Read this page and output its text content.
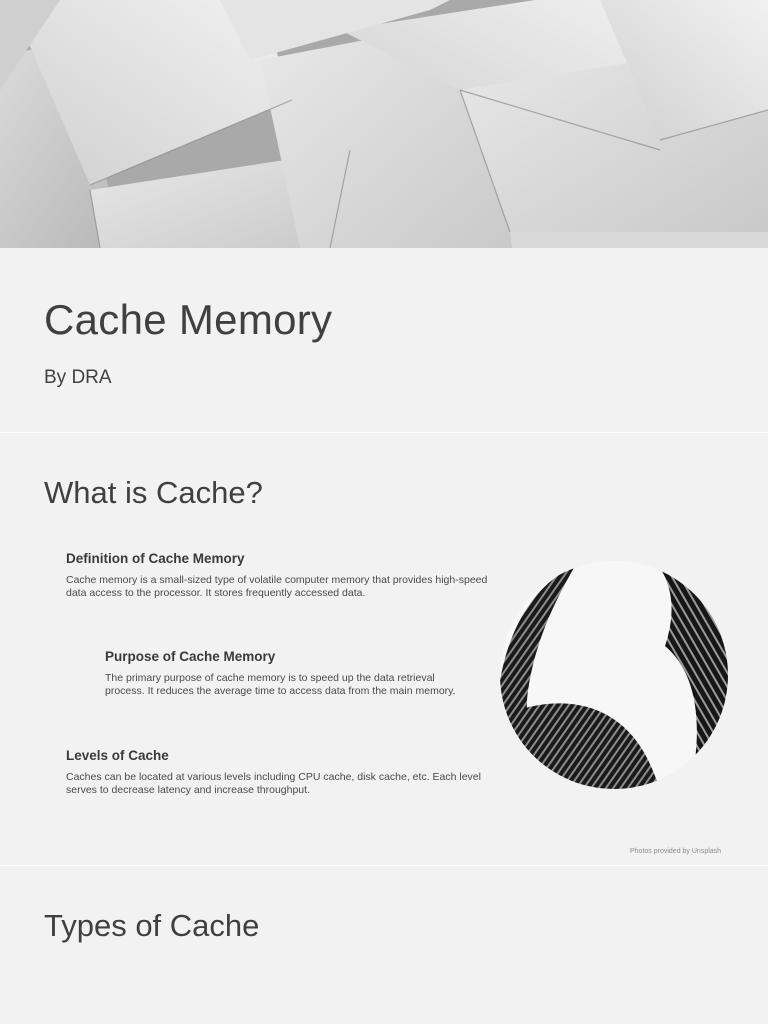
Cache Memory
By DRA
What is Cache?
Definition of Cache Memory
Cache memory is a small-sized type of volatile computer memory that provides high-speed data access to the processor. It stores frequently accessed data.
Purpose of Cache Memory
The primary purpose of cache memory is to speed up the data retrieval process. It reduces the average time to access data from the main memory.
Levels of Cache
Caches can be located at various levels including CPU cache, disk cache, etc. Each level serves to decrease latency and increase throughput.
Photos provided by Unsplash
Types of Cache
